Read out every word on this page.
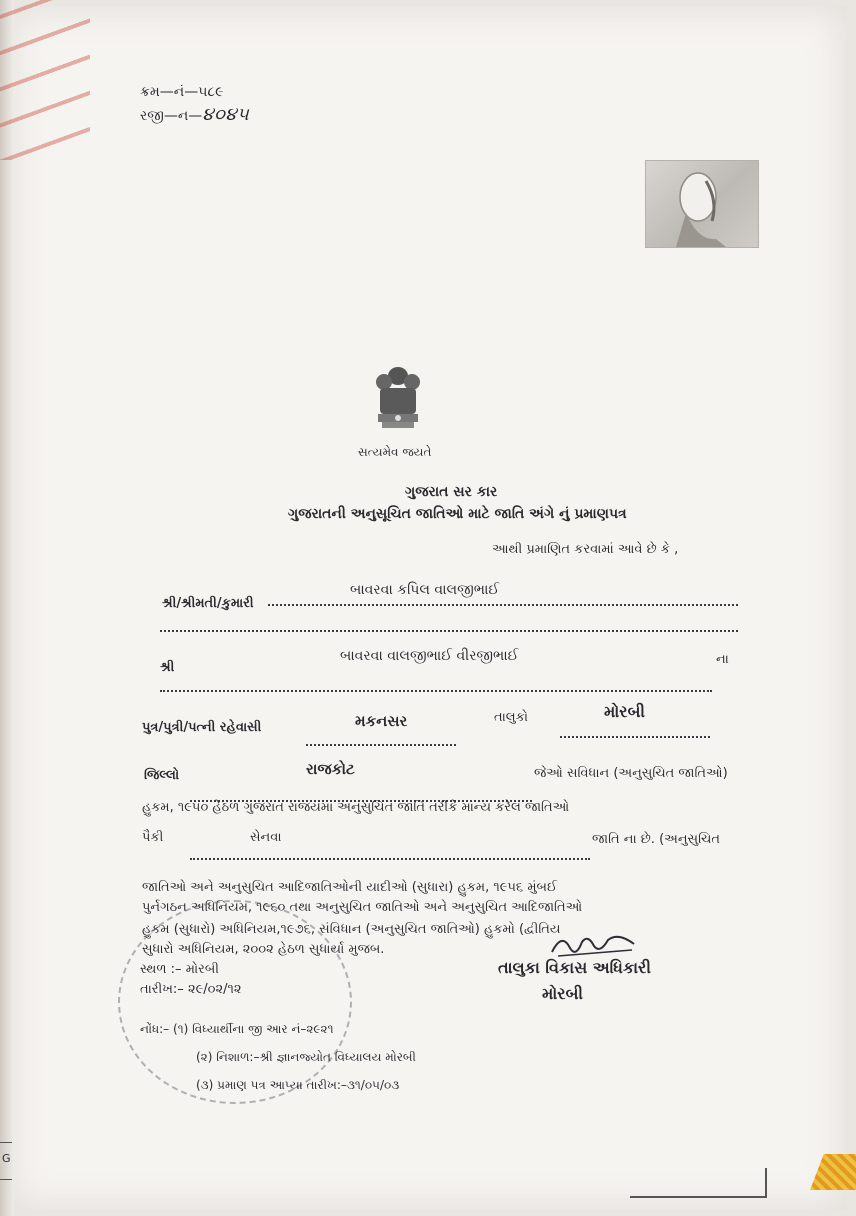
ક્રમ—નં—૫૮૯
રજી—ન—૪૦૪૫
સત્યમેવ જયતે
ગુજરાત સર કાર
ગુજરાતની અનુસૂચિત જાતિઓ માટે જાતિ અંગે નું પ્રમાણપત્ર
આથી પ્રમાણિત કરવામાં આવે છે કે ,
શ્રી/શ્રીમતી/કુમારી
બાવરવા કપિલ વાલજીભાઈ
શ્રી
બાવરવા વાલજીભાઈ વીરજીભાઈ	ના
પુત્ર/પુત્રી/પત્ની રહેવાસી	મકનસર	તાલુકો	મોરબી
જિલ્લો	રાજકોટ	જેઓ સવિધાન (અનુસુચિત જાતિઓ)
હુકમ, ૧૯૫૦ હેઠળ ગુજરાત રાજયમાં અનુસુચિત જાતિ તરીકે માન્ય કરેલ જાતિઓ
પૈકી	સેનવા	જાતિ ના છે. (અનુસુચિત
જાતિઓ અને અનુસુચિત આદિજાતિઓની યાદીઓ (સુધારા) હુકમ, ૧૯૫૬ મુંબઈ
પુર્નગઠન અધિનિયમ, ૧૯૬૦ તથા અનુસુચિત જાતિઓ અને અનુસુચિત આદિજાતિઓ
હુકમ (સુધારો) અધિનિયમ,૧૯૭૬, સંવિધાન (અનુસુચિત જાતિઓ) હુકમો (દ્વીતિય
સુધારો અધિનિયમ, ૨૦૦૨ હેઠળ સુધાર્યા મુજબ.
સ્થળ :– મોરબી
તારીખ:– ૨૯/૦૨/૧૨
તાલુકા વિકાસ અધિકારી
મોરબી
નોંધ:– (૧) વિધ્યાર્થીના જી આર નં–૨૯૨૧
(૨) નિશાળ:–શ્રી જ્ઞાનજ્યોત વિધ્યાલય મોરબી
(૩) પ્રમાણ પત્ર આપ્યા તારીખ:–૩૧/૦૫/૦૩
G
